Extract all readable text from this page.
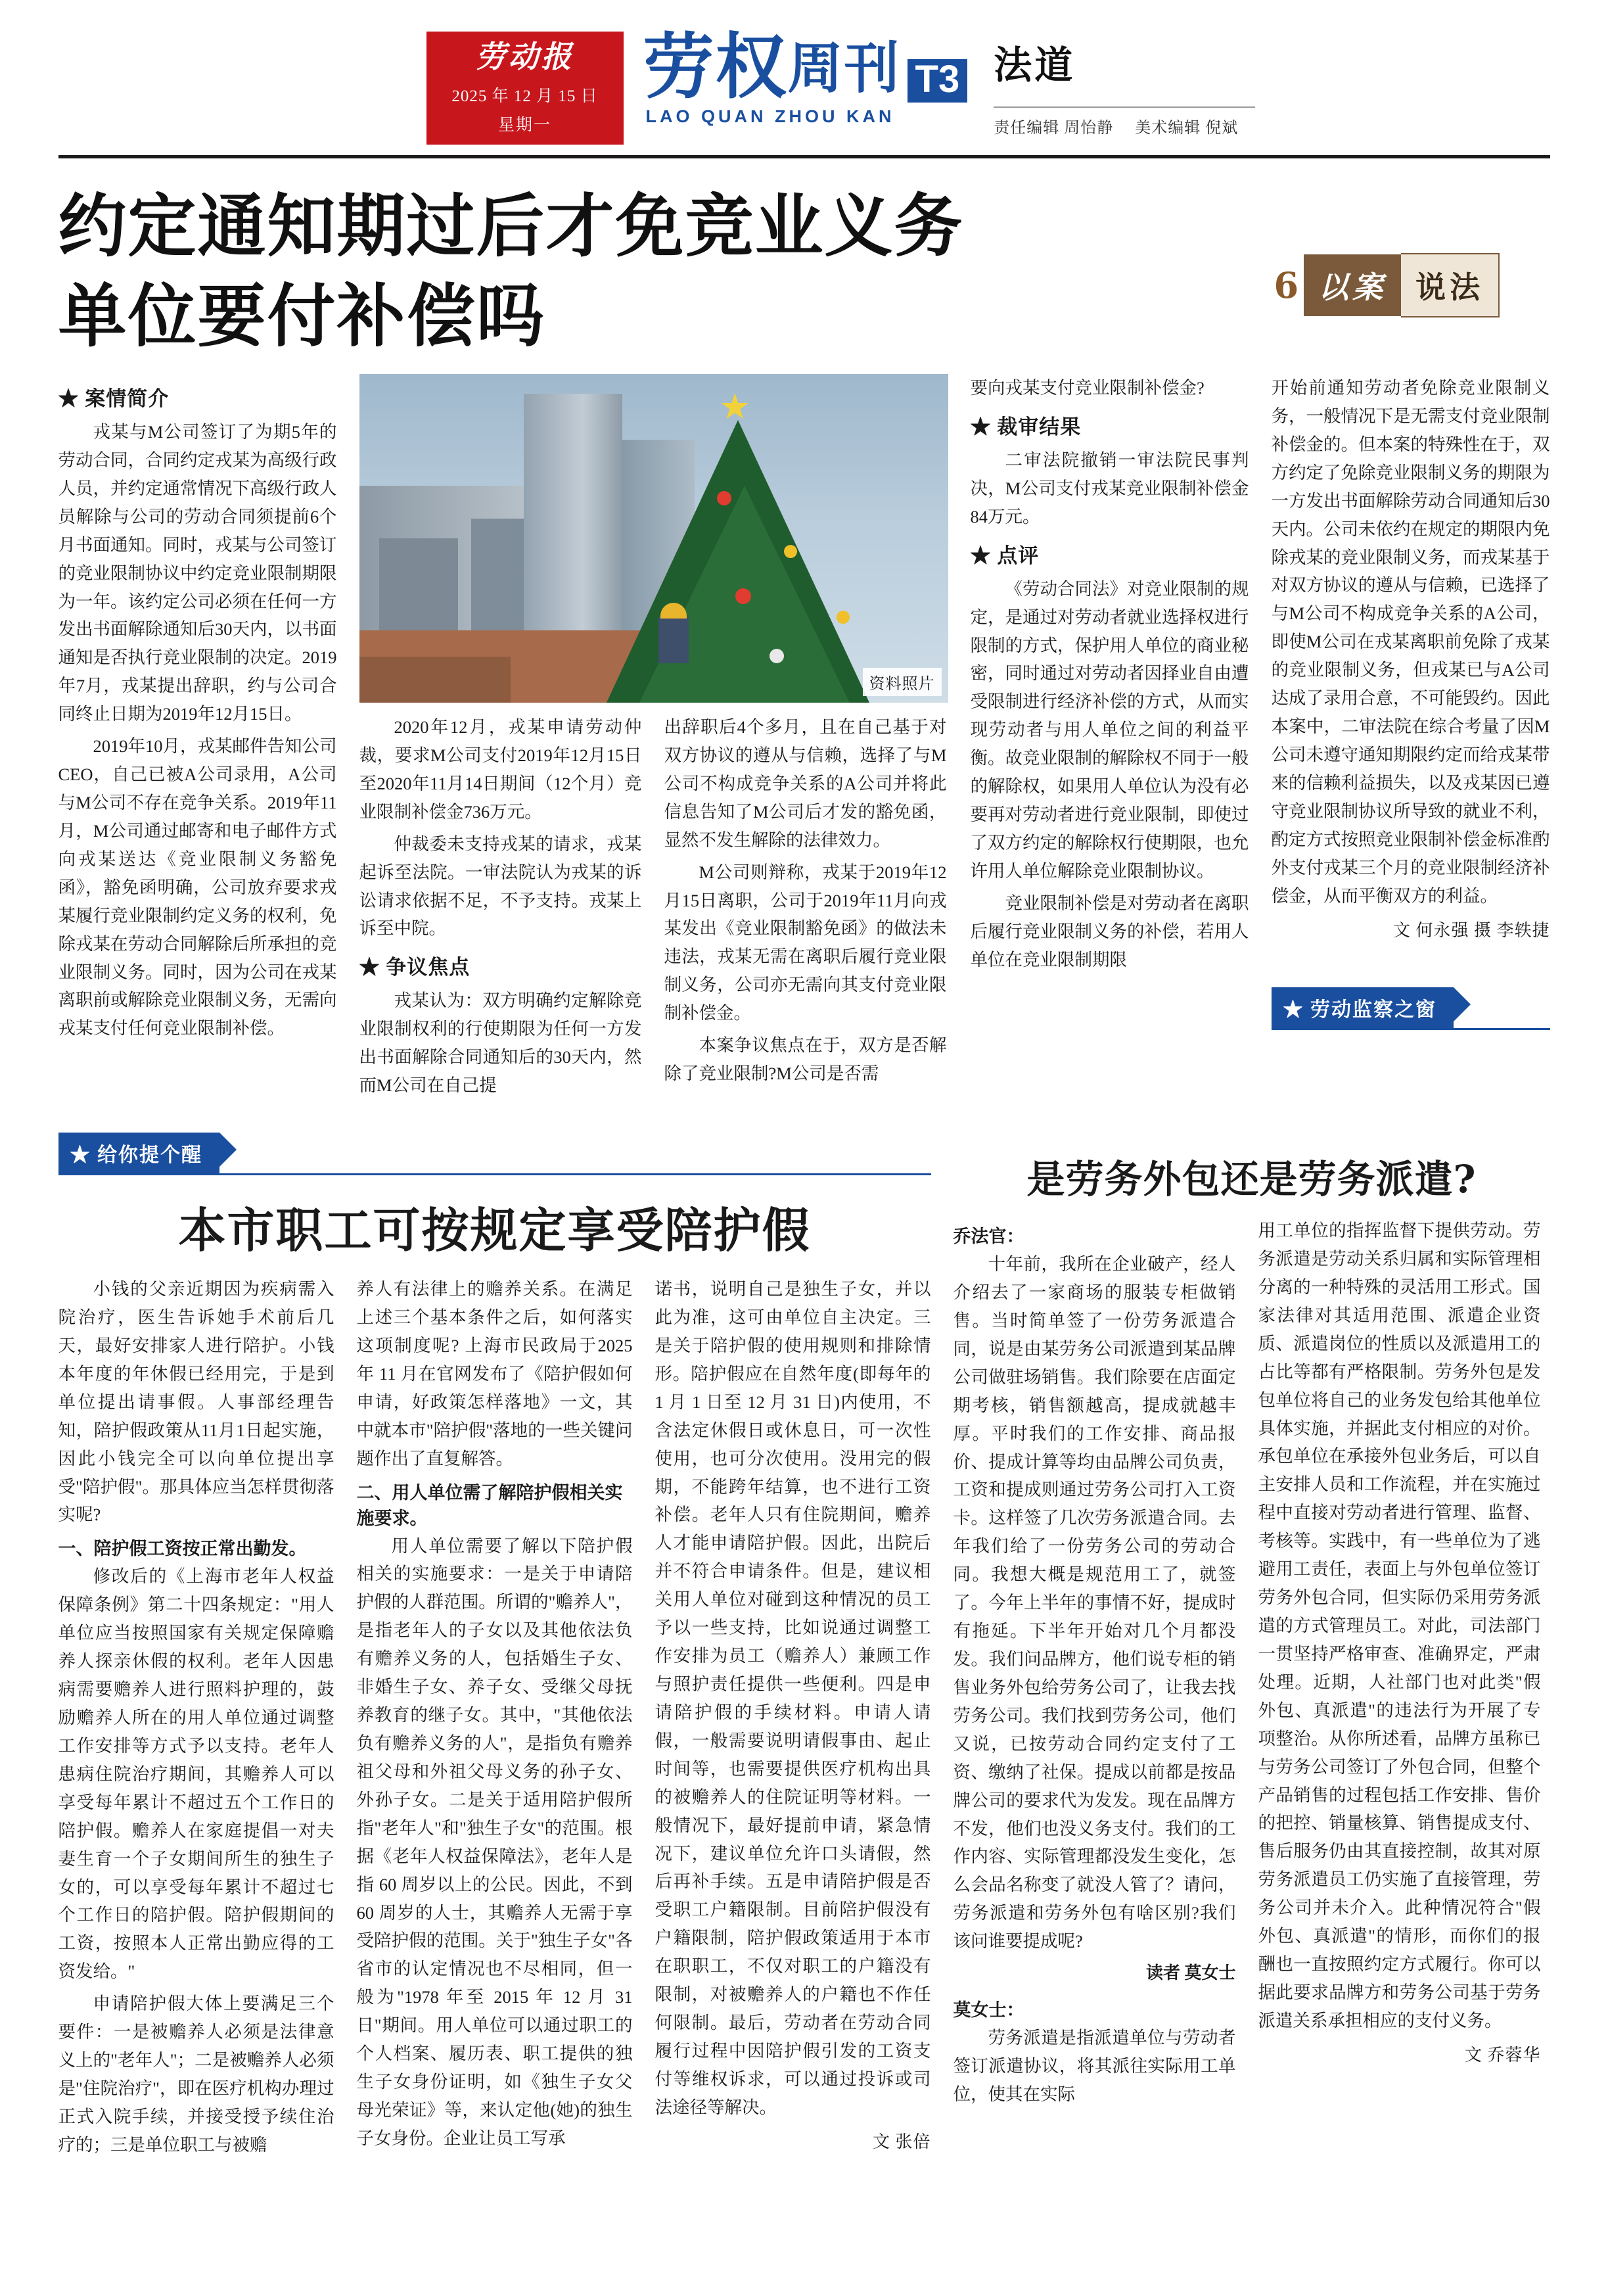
劳动报
2025 年 12 月 15 日
星期一
劳权 周刊 T3
LAO QUAN ZHOU KAN
法道
责任编辑 周怡静 美术编辑 倪斌
约定通知期过后才免竞业义务
单位要付补偿吗	6 以案 说法
★ 案情简介

戎某与M公司签订了为期5年的劳动合同，合同约定戎某为高级行政人员，并约定通常情况下高级行政人员解除与公司的劳动合同须提前6个月书面通知。同时，戎某与公司签订的竞业限制协议中约定竞业限制期限为一年。该约定公司必须在任何一方发出书面解除通知后30天内，以书面通知是否执行竞业限制的决定。2019年7月，戎某提出辞职，约与公司合同终止日期为2019年12月15日。

2019年10月，戎某邮件告知公司CEO，自己已被A公司录用，A公司与M公司不存在竞争关系。2019年11月，M公司通过邮寄和电子邮件方式向戎某送达《竞业限制义务豁免函》，豁免函明确，公司放弃要求戎某履行竞业限制约定义务的权利，免除戎某在劳动合同解除后所承担的竞业限制义务。同时，因为公司在戎某离职前或解除竞业限制义务，无需向戎某支付任何竞业限制补偿。

★
资料照片

2020年12月，戎某申请劳动仲裁，要求M公司支付2019年12月15日至2020年11月14日期间（12个月）竞业限制补偿金736万元。

仲裁委未支持戎某的请求，戎某起诉至法院。一审法院认为戎某的诉讼请求依据不足，不予支持。戎某上诉至中院。

★ 争议焦点

戎某认为：双方明确约定解除竞业限制权利的行使期限为任何一方发出书面解除合同通知后的30天内，然而M公司在自己提

出辞职后4个多月，且在自己基于对双方协议的遵从与信赖，选择了与M公司不构成竞争关系的A公司并将此信息告知了M公司后才发的豁免函，显然不发生解除的法律效力。

M公司则辩称，戎某于2019年12月15日离职，公司于2019年11月向戎某发出《竞业限制豁免函》的做法未违法，戎某无需在离职后履行竞业限制义务，公司亦无需向其支付竞业限制补偿金。

本案争议焦点在于，双方是否解除了竞业限制?M公司是否需

要向戎某支付竞业限制补偿金?

★ 裁审结果

二审法院撤销一审法院民事判决，M公司支付戎某竞业限制补偿金84万元。

★ 点评

《劳动合同法》对竞业限制的规定，是通过对劳动者就业选择权进行限制的方式，保护用人单位的商业秘密，同时通过对劳动者因择业自由遭受限制进行经济补偿的方式，从而实现劳动者与用人单位之间的利益平衡。故竞业限制的解除权不同于一般的解除权，如果用人单位认为没有必要再对劳动者进行竞业限制，即使过了双方约定的解除权行使期限，也允许用人单位解除竞业限制协议。

竞业限制补偿是对劳动者在离职后履行竞业限制义务的补偿，若用人单位在竞业限制期限

开始前通知劳动者免除竞业限制义务，一般情况下是无需支付竞业限制补偿金的。但本案的特殊性在于，双方约定了免除竞业限制义务的期限为一方发出书面解除劳动合同通知后30天内。公司未依约在规定的期限内免除戎某的竞业限制义务，而戎某基于对双方协议的遵从与信赖，已选择了与M公司不构成竞争关系的A公司，即使M公司在戎某离职前免除了戎某的竞业限制义务，但戎某已与A公司达成了录用合意，不可能毁约。因此本案中，二审法院在综合考量了因M公司未遵守通知期限约定而给戎某带来的信赖利益损失，以及戎某因已遵守竞业限制协议所导致的就业不利，酌定方式按照竞业限制补偿金标准酌外支付戎某三个月的竞业限制经济补偿金，从而平衡双方的利益。

文 何永强 摄 李轶捷
★ 劳动监察之窗
★ 给你提个醒
本市职工可按规定享受陪护假

小钱的父亲近期因为疾病需入院治疗，医生告诉她手术前后几天，最好安排家人进行陪护。小钱本年度的年休假已经用完，于是到单位提出请事假。人事部经理告知，陪护假政策从11月1日起实施，因此小钱完全可以向单位提出享受"陪护假"。那具体应当怎样贯彻落实呢?

一、陪护假工资按正常出勤发。

修改后的《上海市老年人权益保障条例》第二十四条规定："用人单位应当按照国家有关规定保障赡养人探亲休假的权利。老年人因患病需要赡养人进行照料护理的，鼓励赡养人所在的用人单位通过调整工作安排等方式予以支持。老年人患病住院治疗期间，其赡养人可以享受每年累计不超过五个工作日的陪护假。赡养人在家庭提倡一对夫妻生育一个子女期间所生的独生子女的，可以享受每年累计不超过七个工作日的陪护假。陪护假期间的工资，按照本人正常出勤应得的工资发给。"

申请陪护假大体上要满足三个要件：一是被赡养人必须是法律意义上的"老年人"；二是被赡养人必须是"住院治疗"，即在医疗机构办理过正式入院手续，并接受授予续住治疗的；三是单位职工与被赡

养人有法律上的赡养关系。在满足上述三个基本条件之后，如何落实这项制度呢? 上海市民政局于2025 年 11 月在官网发布了《陪护假如何申请，好政策怎样落地》一文，其中就本市"陪护假"落地的一些关键问题作出了直复解答。

二、用人单位需了解陪护假相关实施要求。

用人单位需要了解以下陪护假相关的实施要求：一是关于申请陪护假的人群范围。所谓的"赡养人"，是指老年人的子女以及其他依法负有赡养义务的人，包括婚生子女、非婚生子女、养子女、受继父母抚养教育的继子女。其中，"其他依法负有赡养义务的人"，是指负有赡养祖父母和外祖父母义务的孙子女、外孙子女。二是关于适用陪护假所指"老年人"和"独生子女"的范围。根据《老年人权益保障法》，老年人是指 60 周岁以上的公民。因此，不到 60 周岁的人士，其赡养人无需于享受陪护假的范围。关于"独生子女"各省市的认定情况也不尽相同，但一般为"1978 年至 2015 年 12 月 31 日"期间。用人单位可以通过职工的个人档案、履历表、职工提供的独生子女身份证明，如《独生子女父母光荣证》等，来认定他(她)的独生子女身份。企业让员工写承

诺书，说明自己是独生子女，并以此为准，这可由单位自主决定。三是关于陪护假的使用规则和排除情形。陪护假应在自然年度(即每年的 1 月 1 日至 12 月 31 日)内使用，不含法定休假日或休息日，可一次性使用，也可分次使用。没用完的假期，不能跨年结算，也不进行工资补偿。老年人只有住院期间，赡养人才能申请陪护假。因此，出院后并不符合申请条件。但是，建议相关用人单位对碰到这种情况的员工予以一些支持，比如说通过调整工作安排为员工（赡养人）兼顾工作与照护责任提供一些便利。四是申请陪护假的手续材料。申请人请假，一般需要说明请假事由、起止时间等，也需要提供医疗机构出具的被赡养人的住院证明等材料。一般情况下，最好提前申请，紧急情况下，建议单位允许口头请假，然后再补手续。五是申请陪护假是否受职工户籍限制。目前陪护假没有户籍限制，陪护假政策适用于本市在职职工，不仅对职工的户籍没有限制，对被赡养人的户籍也不作任何限制。最后，劳动者在劳动合同履行过程中因陪护假引发的工资支付等维权诉求，可以通过投诉或司法途径等解决。

文 张倍
是劳务外包还是劳务派遣?
乔法官：

十年前，我所在企业破产，经人介绍去了一家商场的服装专柜做销售。当时简单签了一份劳务派遣合同，说是由某劳务公司派遣到某品牌公司做驻场销售。我们除要在店面定期考核，销售额越高，提成就越丰厚。平时我们的工作安排、商品报价、提成计算等均由品牌公司负责，工资和提成则通过劳务公司打入工资卡。这样签了几次劳务派遣合同。去年我们给了一份劳务公司的劳动合同。我想大概是规范用工了，就签了。今年上半年的事情不好，提成时有拖延。下半年开始对几个月都没发。我们问品牌方，他们说专柜的销售业务外包给劳务公司了，让我去找劳务公司。我们找到劳务公司，他们又说，已按劳动合同约定支付了工资、缴纳了社保。提成以前都是按品牌公司的要求代为发发。现在品牌方不发，他们也没义务支付。我们的工作内容、实际管理都没发生变化，怎么会品名称变了就没人管了？请问，劳务派遣和劳务外包有啥区别?我们该问谁要提成呢?

读者 莫女士
莫女士：

劳务派遣是指派遣单位与劳动者签订派遣协议，将其派往实际用工单位，使其在实际

用工单位的指挥监督下提供劳动。劳务派遣是劳动关系归属和实际管理相分离的一种特殊的灵活用工形式。国家法律对其适用范围、派遣企业资质、派遣岗位的性质以及派遣用工的占比等都有严格限制。劳务外包是发包单位将自己的业务发包给其他单位具体实施，并据此支付相应的对价。承包单位在承接外包业务后，可以自主安排人员和工作流程，并在实施过程中直接对劳动者进行管理、监督、考核等。实践中，有一些单位为了逃避用工责任，表面上与外包单位签订劳务外包合同，但实际仍采用劳务派遣的方式管理员工。对此，司法部门一贯坚持严格审查、准确界定，严肃处理。近期，人社部门也对此类"假外包、真派遣"的违法行为开展了专项整治。从你所述看，品牌方虽称已与劳务公司签订了外包合同，但整个产品销售的过程包括工作安排、售价的把控、销量核算、销售提成支付、售后服务仍由其直接控制，故其对原劳务派遣员工仍实施了直接管理，劳务公司并未介入。此种情况符合"假外包、真派遣"的情形，而你们的报酬也一直按照约定方式履行。你可以据此要求品牌方和劳务公司基于劳务派遣关系承担相应的支付义务。

文 乔蓉华
